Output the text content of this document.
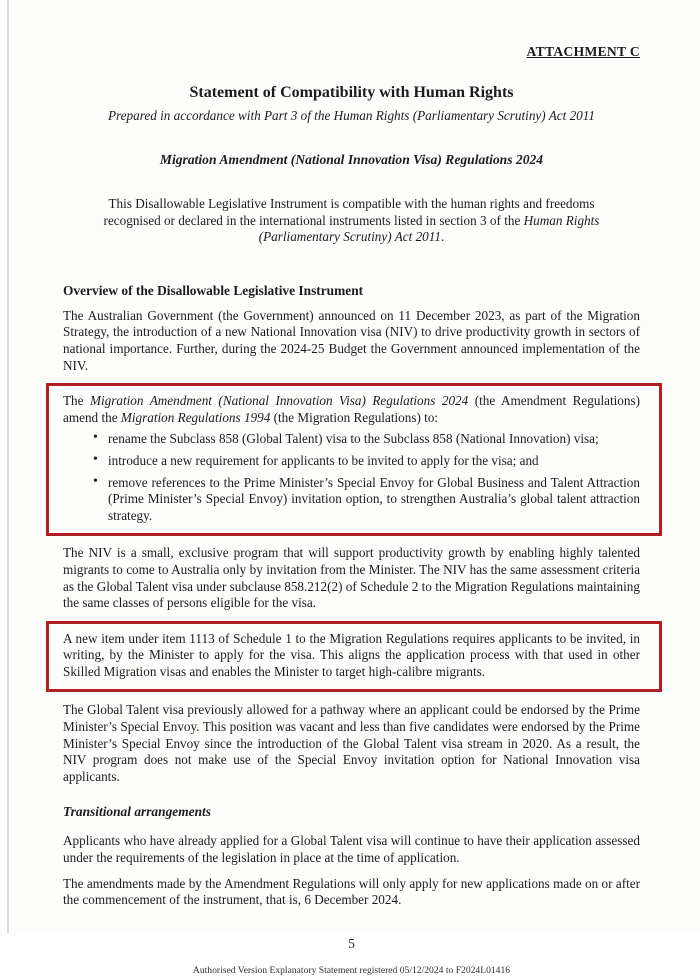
ATTACHMENT C
Statement of Compatibility with Human Rights
Prepared in accordance with Part 3 of the Human Rights (Parliamentary Scrutiny) Act 2011
Migration Amendment (National Innovation Visa) Regulations 2024

This Disallowable Legislative Instrument is compatible with the human rights and freedoms recognised or declared in the international instruments listed in section 3 of the Human Rights (Parliamentary Scrutiny) Act 2011.

Overview of the Disallowable Legislative Instrument

The Australian Government (the Government) announced on 11 December 2023, as part of the Migration Strategy, the introduction of a new National Innovation visa (NIV) to drive productivity growth in sectors of national importance. Further, during the 2024-25 Budget the Government announced implementation of the NIV.

The Migration Amendment (National Innovation Visa) Regulations 2024 (the Amendment Regulations) amend the Migration Regulations 1994 (the Migration Regulations) to:

• rename the Subclass 858 (Global Talent) visa to the Subclass 858 (National Innovation) visa;
• introduce a new requirement for applicants to be invited to apply for the visa; and
• remove references to the Prime Minister’s Special Envoy for Global Business and Talent Attraction (Prime Minister’s Special Envoy) invitation option, to strengthen Australia’s global talent attraction strategy.

The NIV is a small, exclusive program that will support productivity growth by enabling highly talented migrants to come to Australia only by invitation from the Minister. The NIV has the same assessment criteria as the Global Talent visa under subclause 858.212(2) of Schedule 2 to the Migration Regulations maintaining the same classes of persons eligible for the visa.

A new item under item 1113 of Schedule 1 to the Migration Regulations requires applicants to be invited, in writing, by the Minister to apply for the visa. This aligns the application process with that used in other Skilled Migration visas and enables the Minister to target high-calibre migrants.

The Global Talent visa previously allowed for a pathway where an applicant could be endorsed by the Prime Minister’s Special Envoy. This position was vacant and less than five candidates were endorsed by the Prime Minister’s Special Envoy since the introduction of the Global Talent visa stream in 2020. As a result, the NIV program does not make use of the Special Envoy invitation option for National Innovation visa applicants.

Transitional arrangements

Applicants who have already applied for a Global Talent visa will continue to have their application assessed under the requirements of the legislation in place at the time of application.

The amendments made by the Amendment Regulations will only apply for new applications made on or after the commencement of the instrument, that is, 6 December 2024.

5
Authorised Version Explanatory Statement registered 05/12/2024 to F2024L01416
